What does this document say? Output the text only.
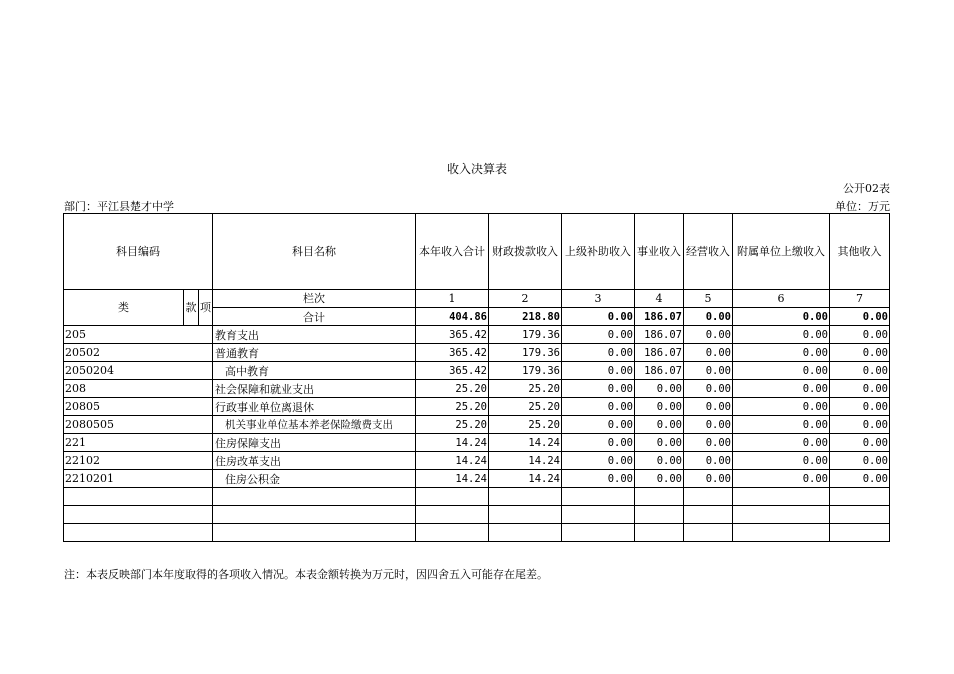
收入决算表
公开02表
部门：平江县楚才中学	单位：万元
科目编码			科目名称	本年收入合计	财政拨款收入	上级补助收入	事业收入	经营收入	附属单位上缴收入	其他收入
类	款	项	栏次	1	2	3	4	5	6	7
			合计	404.86	218.80	0.00	186.07	0.00	0.00	0.00
205			教育支出	365.42	179.36	0.00	186.07	0.00	0.00	0.00
20502			普通教育	365.42	179.36	0.00	186.07	0.00	0.00	0.00
2050204			高中教育	365.42	179.36	0.00	186.07	0.00	0.00	0.00
208			社会保障和就业支出	25.20	25.20	0.00	0.00	0.00	0.00	0.00
20805			行政事业单位离退休	25.20	25.20	0.00	0.00	0.00	0.00	0.00
2080505			机关事业单位基本养老保险缴费支出	25.20	25.20	0.00	0.00	0.00	0.00	0.00
221			住房保障支出	14.24	14.24	0.00	0.00	0.00	0.00	0.00
22102			住房改革支出	14.24	14.24	0.00	0.00	0.00	0.00	0.00
2210201			住房公积金	14.24	14.24	0.00	0.00	0.00	0.00	0.00

注：本表反映部门本年度取得的各项收入情况。本表金额转换为万元时，因四舍五入可能存在尾差。
